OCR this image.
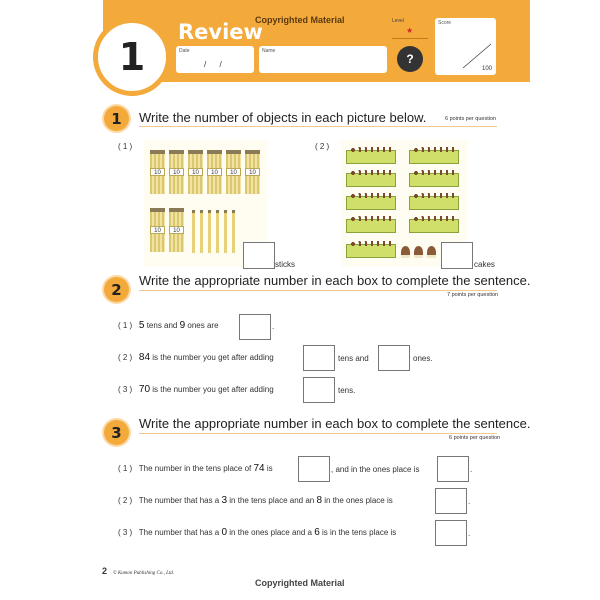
1
Review
Copyrighted Material
Date
/      /
Name
Level
★
?
Score
100
1	Write the number of objects in each picture below.	6 points per question
( 1 )
10	10	10	10	10	10
10	10
sticks
( 2 )
cakes
2	Write the appropriate number in each box to complete the sentence.
7 points per question
( 1 ) 5 tens and 9 ones are	.
( 2 ) 84 is the number you get after adding	tens and	ones.
( 3 ) 70 is the number you get after adding	tens.
3	Write the appropriate number in each box to complete the sentence.
6 points per question
( 1 ) The number in the tens place of 74 is	, and in the ones place is	.
( 2 ) The number that has a 3 in the tens place and an 8 in the ones place is	.
( 3 ) The number that has a 0 in the ones place and a 6 is in the tens place is	.
2 © Kumon Publishing Co., Ltd.
Copyrighted Material
